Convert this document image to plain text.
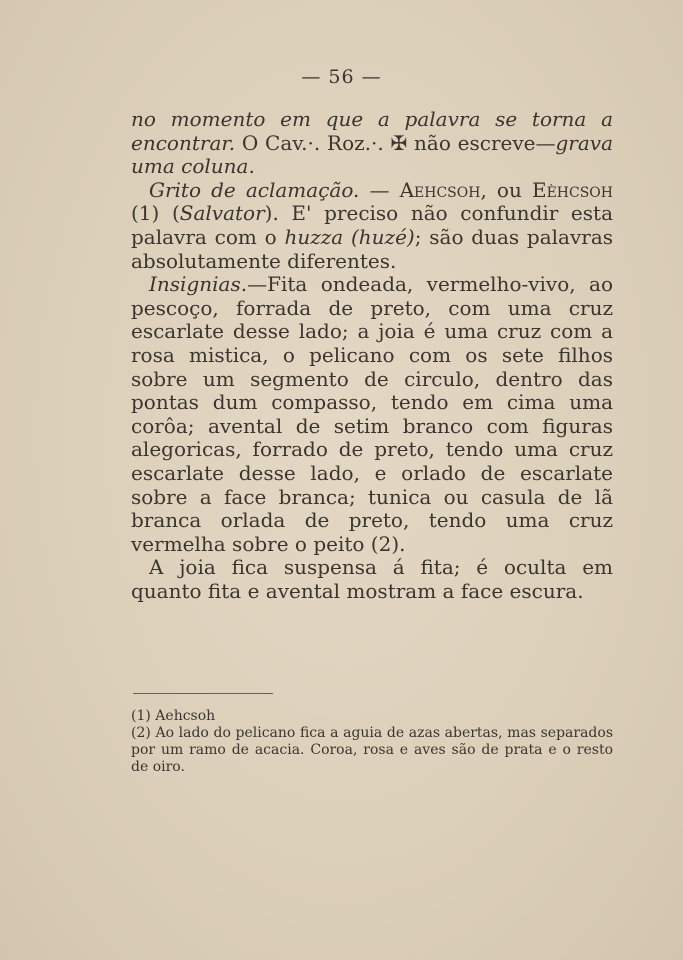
— 56 —

no momento em que a palavra se torna a encontrar. O Cav.·. Roz.·. ✠ não escreve—grava uma coluna.

Grito de aclamação. — Aehcsoh, ou Eèhcsoh (1) (Salvator). E' preciso não confundir esta palavra com o huzza (huzé); são duas palavras absolutamente diferentes.

Insignias.—Fita ondeada, vermelho-vivo, ao pescoço, forrada de preto, com uma cruz escarlate desse lado; a joia é uma cruz com a rosa mistica, o pelicano com os sete filhos sobre um segmento de circulo, dentro das pontas dum compasso, tendo em cima uma corôa; avental de setim branco com figuras alegoricas, forrado de preto, tendo uma cruz escarlate desse lado, e orlado de escarlate sobre a face branca; tunica ou casula de lã branca orlada de preto, tendo uma cruz vermelha sobre o peito (2).

A joia fica suspensa á fita; é oculta em quanto fita e avental mostram a face escura.

(1) Aehcsoh

(2) Ao lado do pelicano fica a aguia de azas abertas, mas separados por um ramo de acacia. Coroa, rosa e aves são de prata e o resto de oiro.
